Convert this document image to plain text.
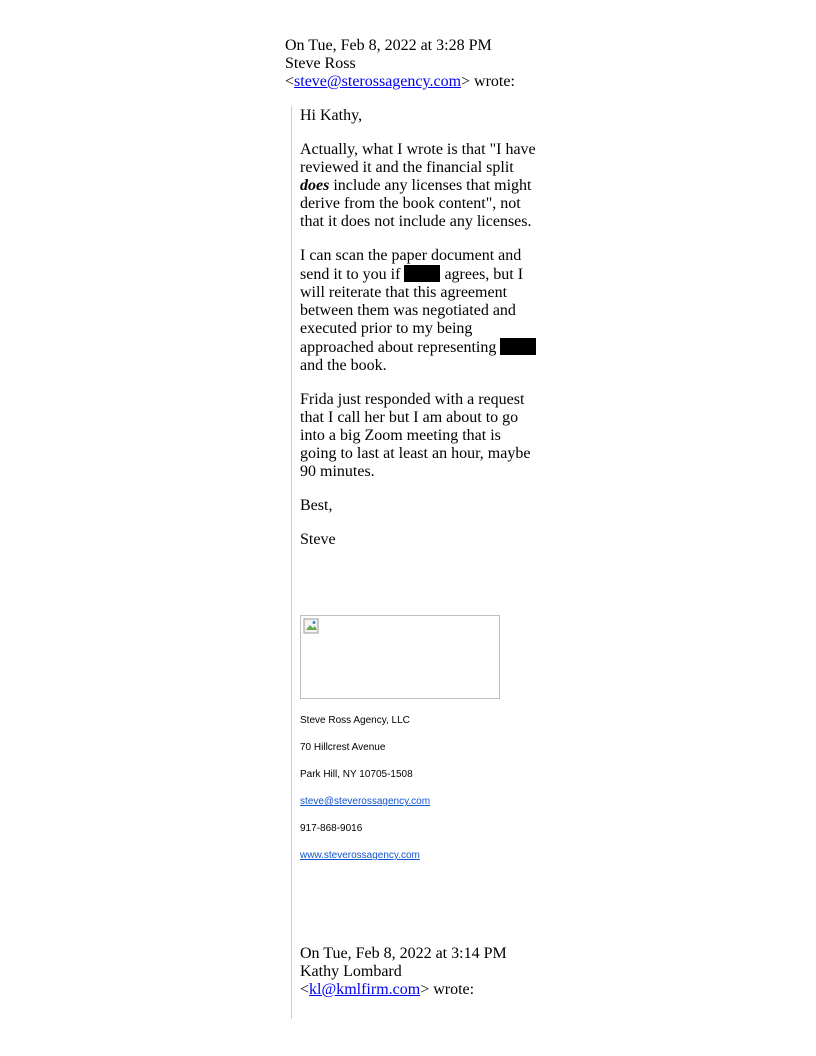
On Tue, Feb 8, 2022 at 3:28 PM
Steve Ross
<steve@sterossagency.com> wrote:

Hi Kathy,

Actually, what I wrote is that "I have reviewed it and the financial split does include any licenses that might derive from the book content", not that it does not include any licenses.

I can scan the paper document and send it to you if  agrees, but I will reiterate that this agreement between them was negotiated and executed prior to my being approached about representing  and the book.

Frida just responded with a request that I call her but I am about to go into a big Zoom meeting that is going to last at least an hour, maybe 90 minutes.

Best,

Steve

Steve Ross Agency, LLC
70 Hillcrest Avenue
Park Hill, NY 10705-1508
steve@steverossagency.com
917-868-9016
www.steverossagency.com
On Tue, Feb 8, 2022 at 3:14 PM
Kathy Lombard
<kl@kmlfirm.com> wrote:
